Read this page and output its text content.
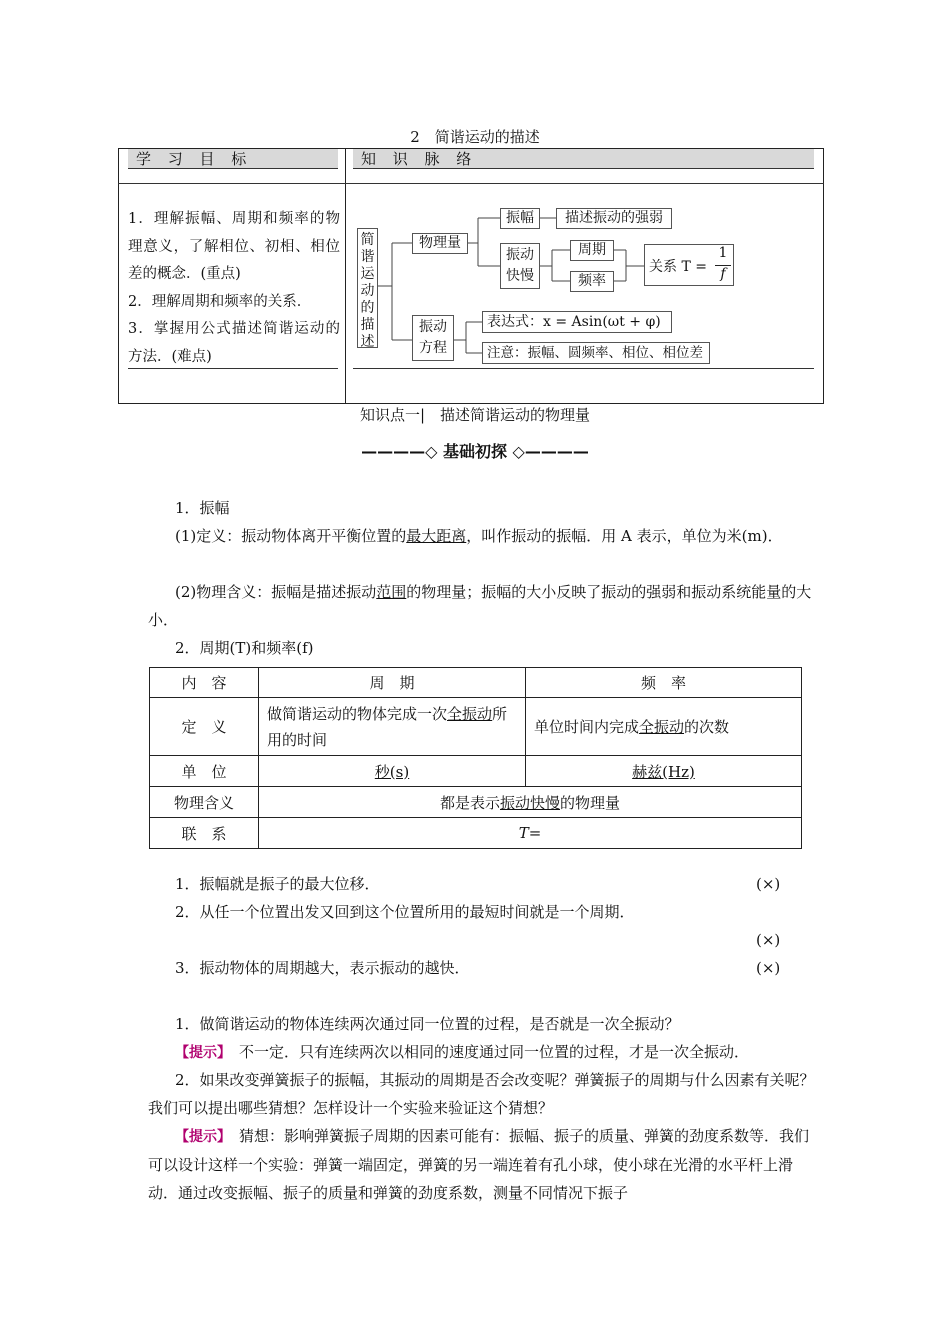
2　简谐运动的描述
学 习 目 标	知 识 脉 络
1．理解振幅、周期和频率的物理意义，了解相位、初相、相位差的概念．(重点)
2．理解周期和频率的关系．
3．掌握用公式描述简谐运动的方法．(难点)
简谐运动的描述
物理量
振幅	描述振动的强弱
振动快慢
周期
频率
关系 T =
1
f
振动方程
表达式：x = Asin(ωt + φ)
注意：振幅、圆频率、相位、相位差
知识点一|　描述简谐运动的物理量
————◇ 基础初探 ◇————
1．振幅
(1)定义：振动物体离开平衡位置的最大距离，叫作振动的振幅．用 A 表示，单位为米(m)．
(2)物理含义：振幅是描述振动范围的物理量；振幅的大小反映了振动的强弱和振动系统能量的大小．
2．周期(T)和频率(f)
内　容	周　期	频　率
定　义	做简谐运动的物体完成一次全振动所用的时间	单位时间内完成全振动的次数
单　位	秒(s)	赫兹(Hz)
物理含义	都是表示振动快慢的物理量	
联　系	T=	
1．振幅就是振子的最大位移．	(×)
2．从任一个位置出发又回到这个位置所用的最短时间就是一个周期．
(×)
3．振动物体的周期越大，表示振动的越快．	(×)
1．做简谐运动的物体连续两次通过同一位置的过程，是否就是一次全振动？
【提示】　 不一定．只有连续两次以相同的速度通过同一位置的过程，才是一次全振动．
2．如果改变弹簧振子的振幅，其振动的周期是否会改变呢？弹簧振子的周期与什么因素有关呢？我们可以提出哪些猜想？怎样设计一个实验来验证这个猜想？
【提示】　 猜想：影响弹簧振子周期的因素可能有：振幅、振子的质量、弹簧的劲度系数等．我们可以设计这样一个实验：弹簧一端固定，弹簧的另一端连着有孔小球，使小球在光滑的水平杆上滑动．通过改变振幅、振子的质量和弹簧的劲度系数，测量不同情况下振子
